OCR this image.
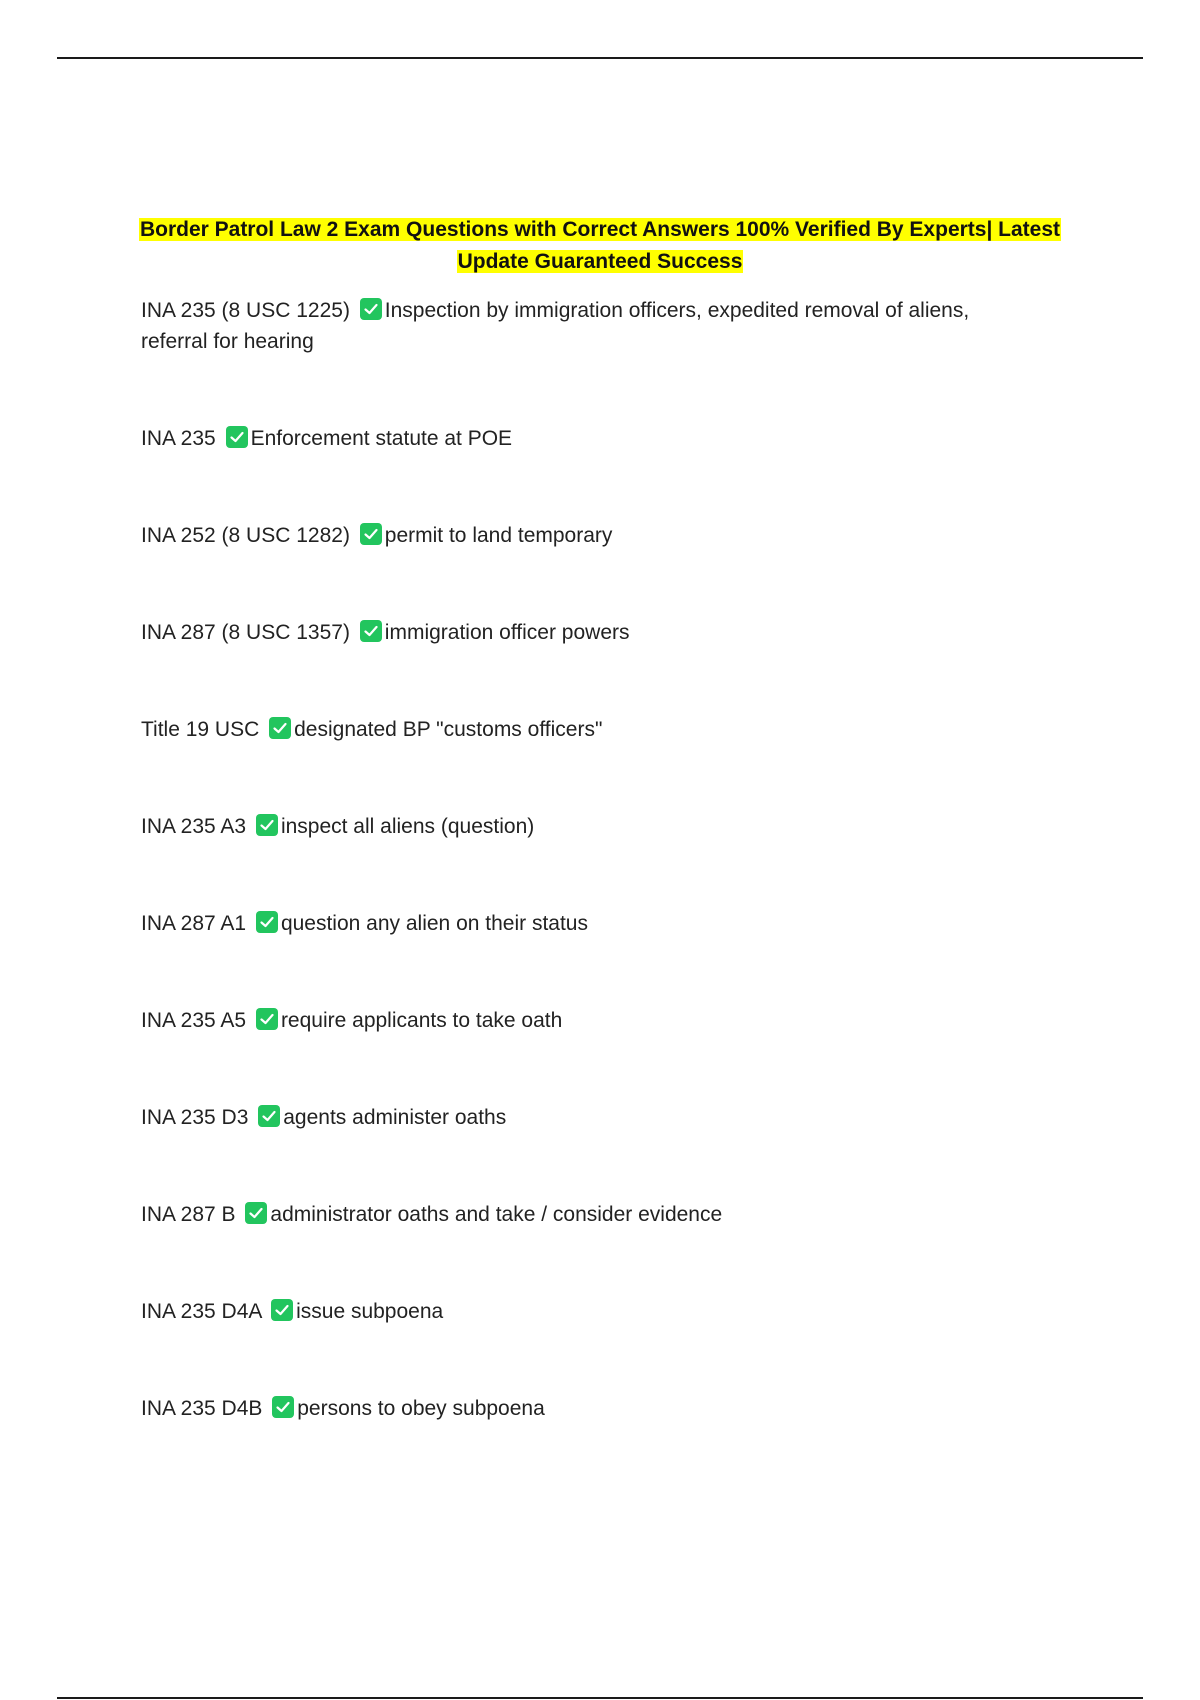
Border Patrol Law 2 Exam Questions with Correct Answers 100% Verified By Experts| Latest Update Guaranteed Success
INA 235 (8 USC 1225) Inspection by immigration officers, expedited removal of aliens, referral for hearing
INA 235 Enforcement statute at POE
INA 252 (8 USC 1282) permit to land temporary
INA 287 (8 USC 1357) immigration officer powers
Title 19 USC designated BP "customs officers"
INA 235 A3 inspect all aliens (question)
INA 287 A1 question any alien on their status
INA 235 A5 require applicants to take oath
INA 235 D3 agents administer oaths
INA 287 B administrator oaths and take / consider evidence
INA 235 D4A issue subpoena
INA 235 D4B persons to obey subpoena
